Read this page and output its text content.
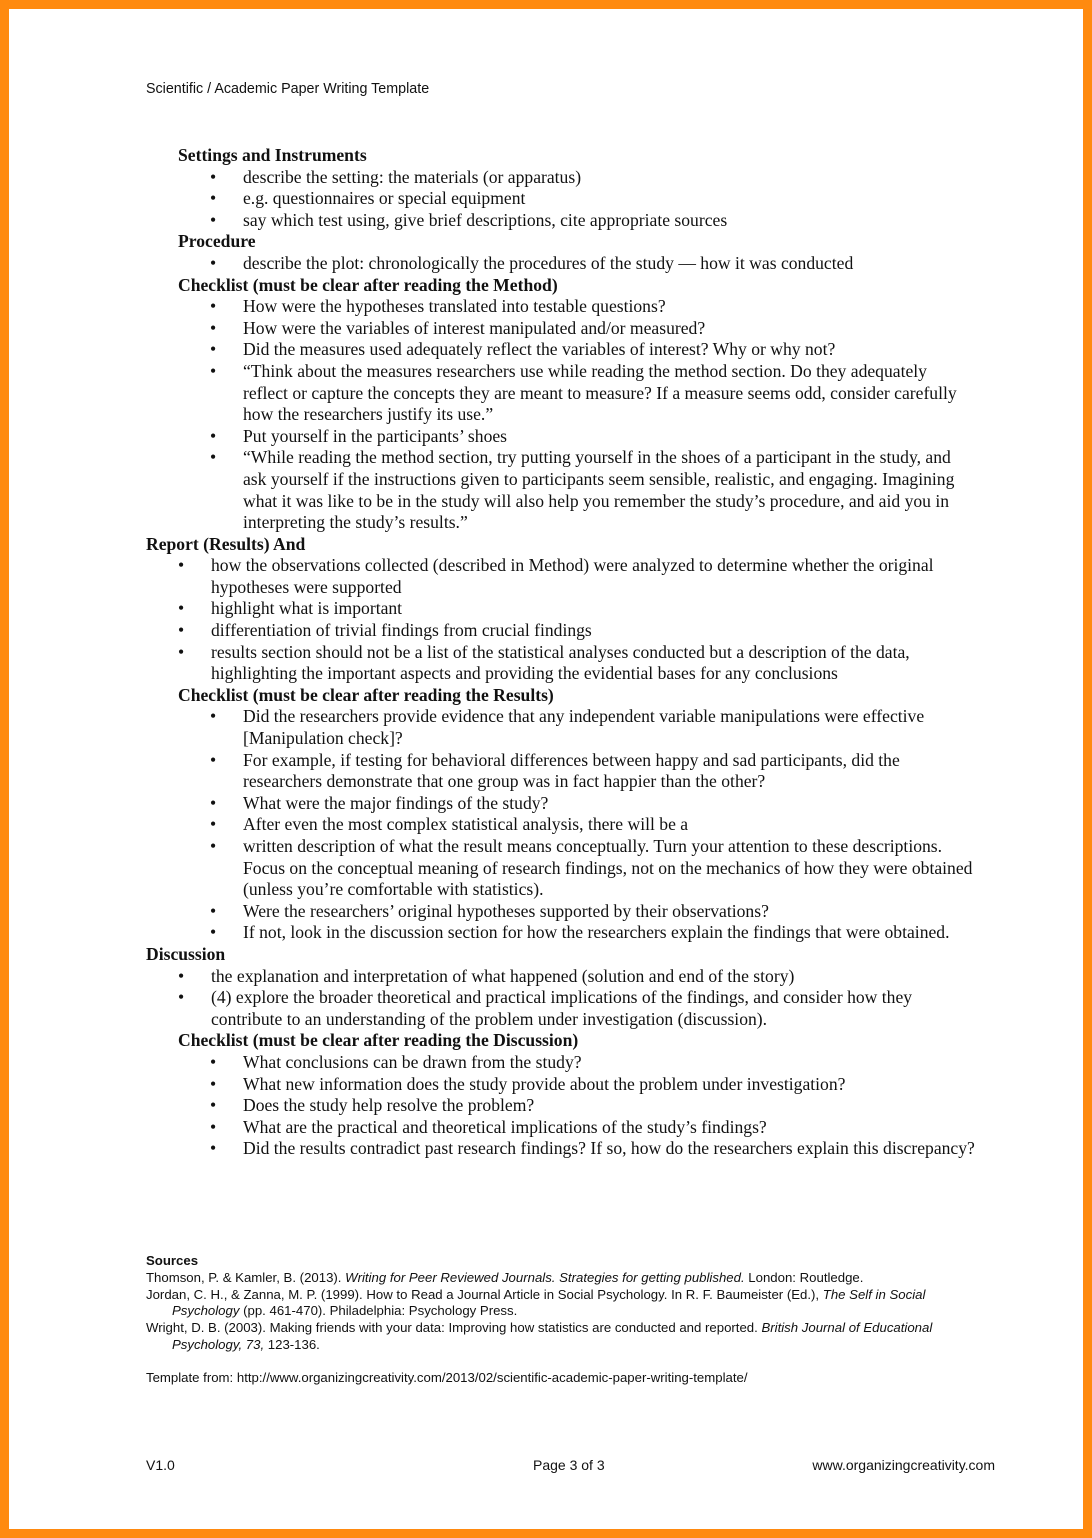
Scientific / Academic Paper Writing Template
Settings and Instruments
• describe the setting: the materials (or apparatus)
• e.g. questionnaires or special equipment
• say which test using, give brief descriptions, cite appropriate sources
Procedure
• describe the plot: chronologically the procedures of the study — how it was conducted
Checklist (must be clear after reading the Method)
• How were the hypotheses translated into testable questions?
• How were the variables of interest manipulated and/or measured?
• Did the measures used adequately reflect the variables of interest? Why or why not?
• “Think about the measures researchers use while reading the method section. Do they adequately reflect or capture the concepts they are meant to measure? If a measure seems odd, consider carefully how the researchers justify its use.”
• Put yourself in the participants’ shoes
• “While reading the method section, try putting yourself in the shoes of a participant in the study, and ask yourself if the instructions given to participants seem sensible, realistic, and engaging. Imagining what it was like to be in the study will also help you remember the study’s procedure, and aid you in interpreting the study’s results.”
Report (Results) And
• how the observations collected (described in Method) were analyzed to determine whether the original hypotheses were supported
• highlight what is important
• differentiation of trivial findings from crucial findings
• results section should not be a list of the statistical analyses conducted but a description of the data, highlighting the important aspects and providing the evidential bases for any conclusions
Checklist (must be clear after reading the Results)
• Did the researchers provide evidence that any independent variable manipulations were effective [Manipulation check]?
• For example, if testing for behavioral differences between happy and sad participants, did the researchers demonstrate that one group was in fact happier than the other?
• What were the major findings of the study?
• After even the most complex statistical analysis, there will be a
• written description of what the result means conceptually. Turn your attention to these descriptions. Focus on the conceptual meaning of research findings, not on the mechanics of how they were obtained (unless you’re comfortable with statistics).
• Were the researchers’ original hypotheses supported by their observations?
• If not, look in the discussion section for how the researchers explain the findings that were obtained.
Discussion
• the explanation and interpretation of what happened (solution and end of the story)
• (4) explore the broader theoretical and practical implications of the findings, and consider how they contribute to an understanding of the problem under investigation (discussion).
Checklist (must be clear after reading the Discussion)
• What conclusions can be drawn from the study?
• What new information does the study provide about the problem under investigation?
• Does the study help resolve the problem?
• What are the practical and theoretical implications of the study’s findings?
• Did the results contradict past research findings? If so, how do the researchers explain this discrepancy?
Sources
Thomson, P. & Kamler, B. (2013). Writing for Peer Reviewed Journals. Strategies for getting published. London: Routledge.
Jordan, C. H., & Zanna, M. P. (1999). How to Read a Journal Article in Social Psychology. In R. F. Baumeister (Ed.), The Self in Social Psychology (pp. 461-470). Philadelphia: Psychology Press.
Wright, D. B. (2003). Making friends with your data: Improving how statistics are conducted and reported. British Journal of Educational Psychology, 73, 123-136.
Template from: http://www.organizingcreativity.com/2013/02/scientific-academic-paper-writing-template/
V1.0	Page 3 of 3	www.organizingcreativity.com
